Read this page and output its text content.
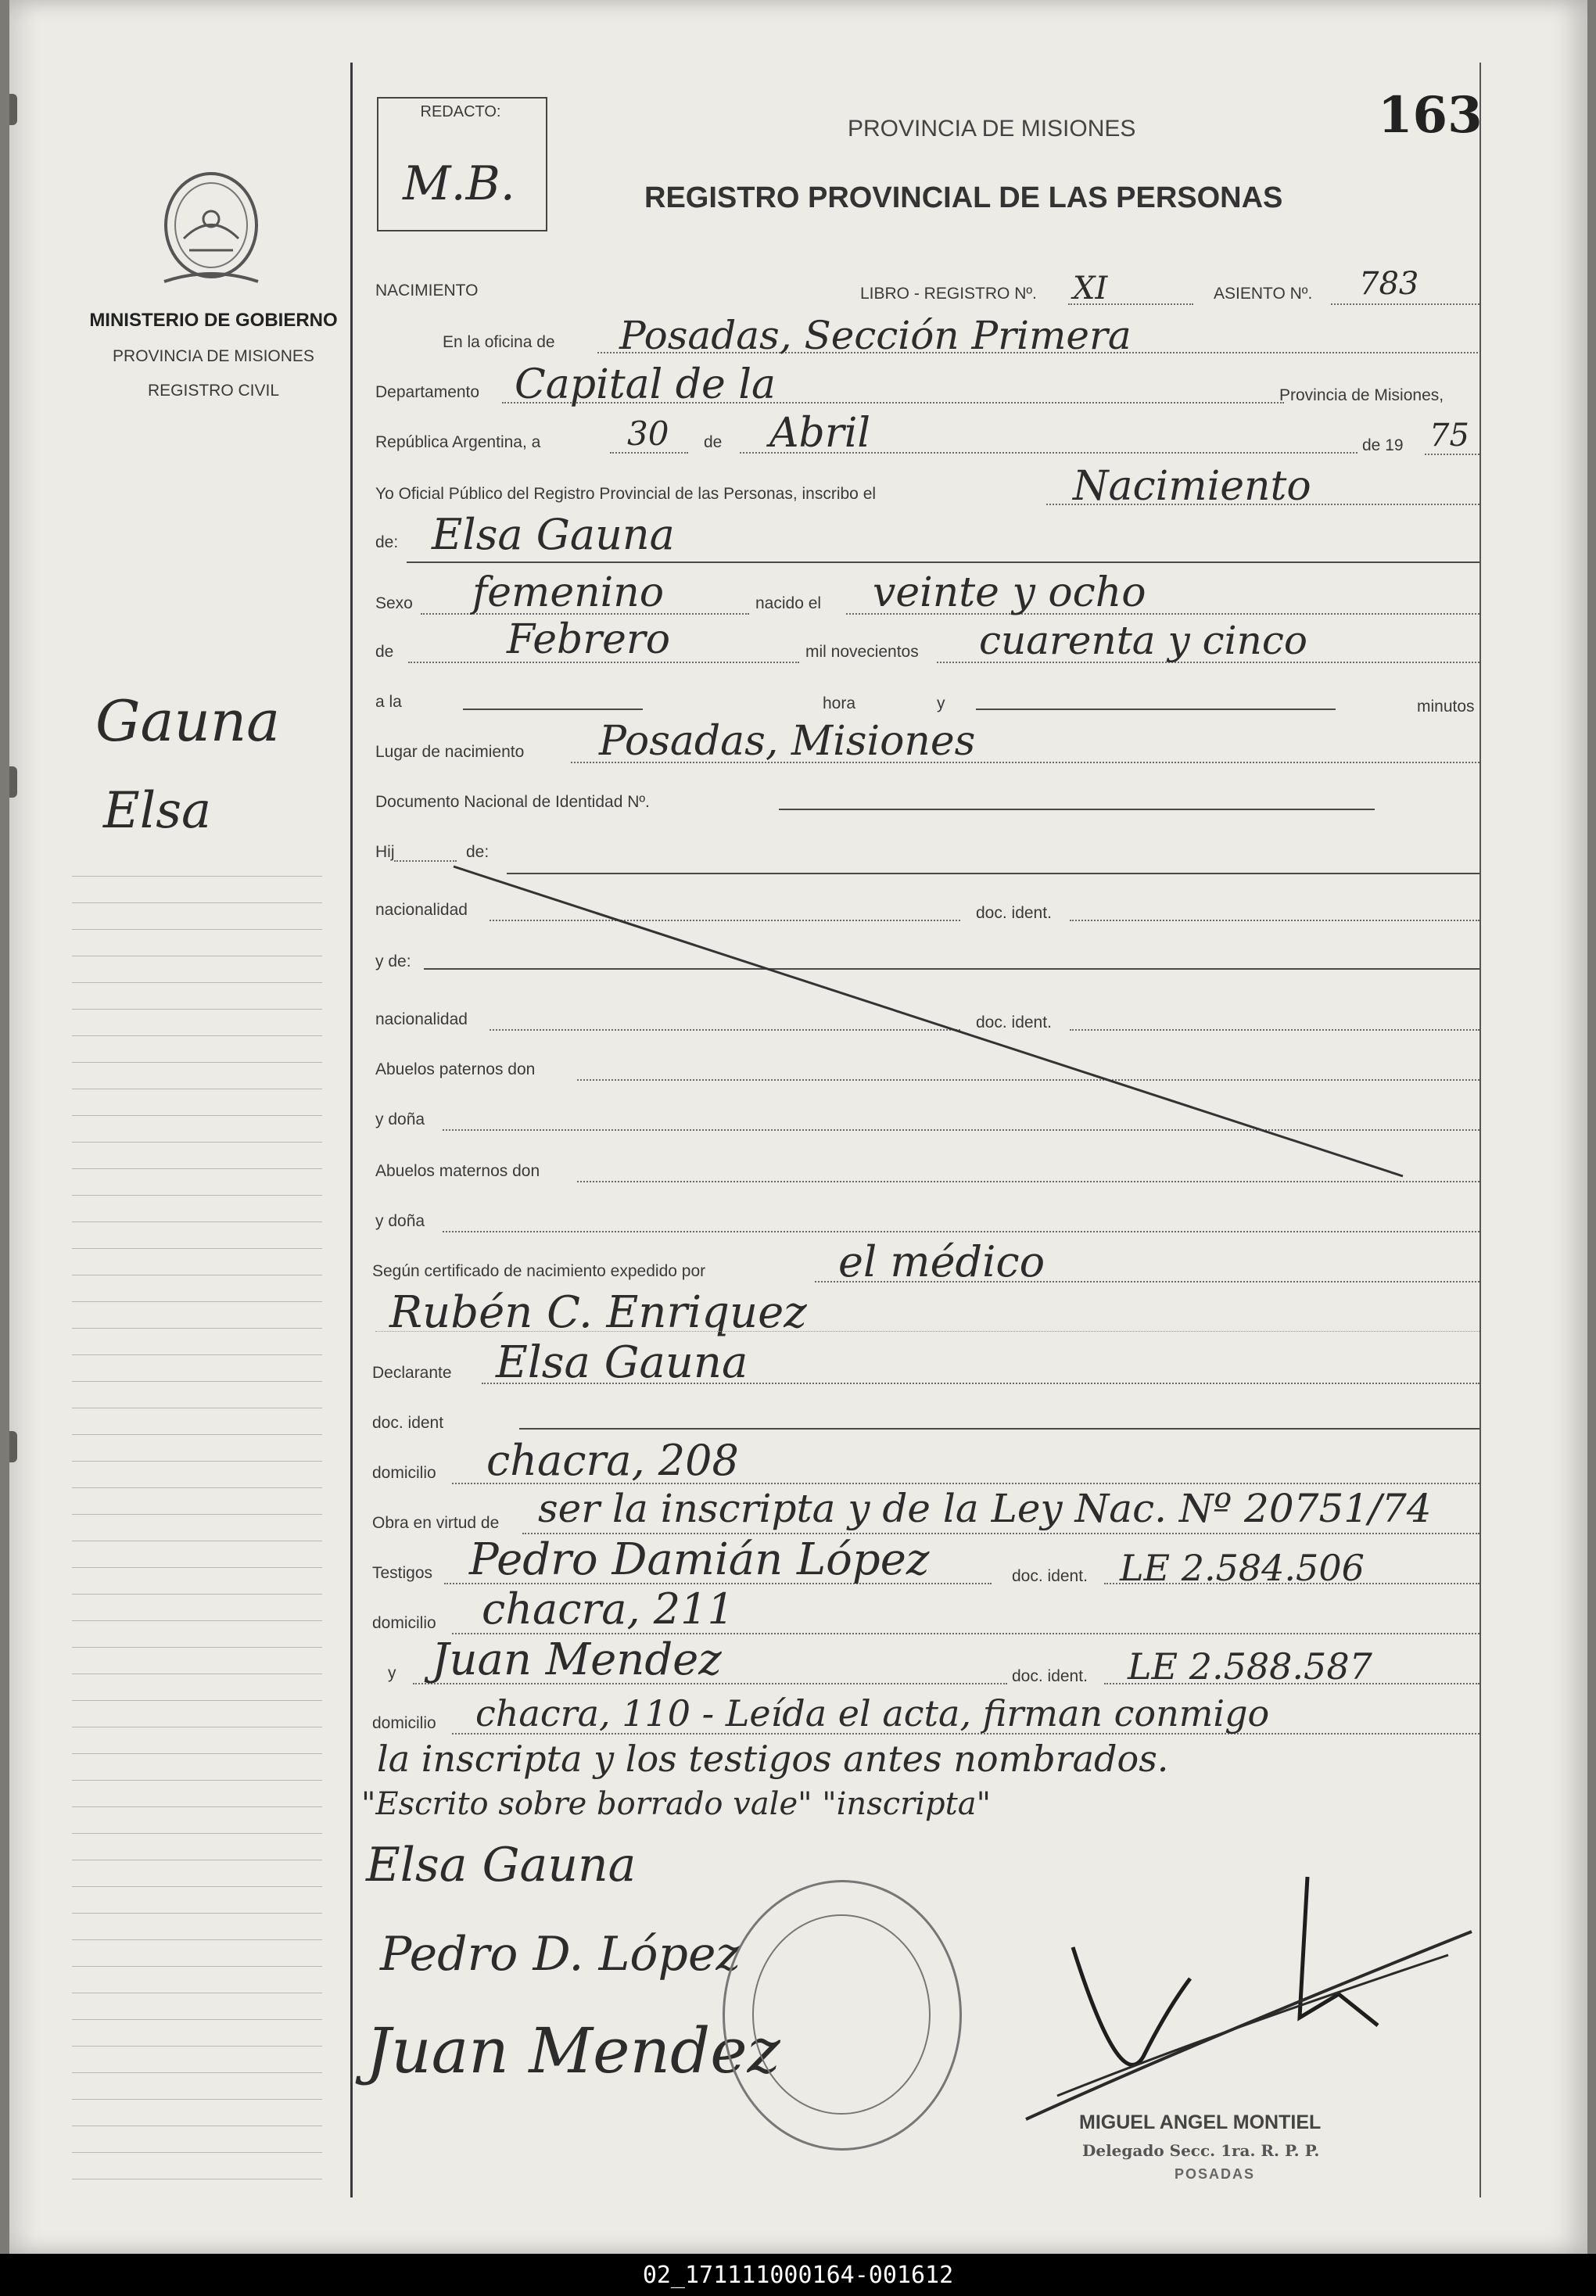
MINISTERIO DE GOBIERNO
PROVINCIA DE MISIONES
REGISTRO CIVIL
Gauna
Elsa
REDACTO:
M.B.
PROVINCIA DE MISIONES
REGISTRO PROVINCIAL DE LAS PERSONAS
163
NACIMIENTO	LIBRO - REGISTRO Nº. XI	ASIENTO Nº. 783
En la oficina de Posadas, Sección Primera
Departamento Capital de la	Provincia de Misiones,
República Argentina, a	30 de Abril	de 19 75
Yo Oficial Público del Registro Provincial de las Personas, inscribo el	Nacimiento
de: Elsa Gauna
Sexo femenino	nacido el veinte y ocho
de	Febrero	mil novecientos cuarenta y cinco
a la	hora	y	minutos
Lugar de nacimiento Posadas, Misiones
Documento Nacional de Identidad Nº.
Hij	de:
nacionalidad	doc. ident.
y de:
nacionalidad	doc. ident.
Abuelos paternos don
y doña
Abuelos maternos don
y doña
Según certificado de nacimiento expedido por	el médico
Rubén C. Enriquez
Declarante Elsa Gauna
doc. ident
domicilio chacra, 208
Obra en virtud de ser la inscripta y de la Ley Nac. Nº 20751/74
Testigos Pedro Damián López	doc. ident. LE 2.584.506
domicilio chacra, 211
y Juan Mendez	doc. ident. LE 2.588.587
domicilio chacra, 110 - Leída el acta, firman conmigo
la inscripta y los testigos antes nombrados.
"Escrito sobre borrado vale" "inscripta"
Elsa Gauna
Pedro D. López
Juan Mendez
MIGUEL ANGEL MONTIEL
Delegado Secc. 1ra. R. P. P.
POSADAS
02_171111000164-001612
